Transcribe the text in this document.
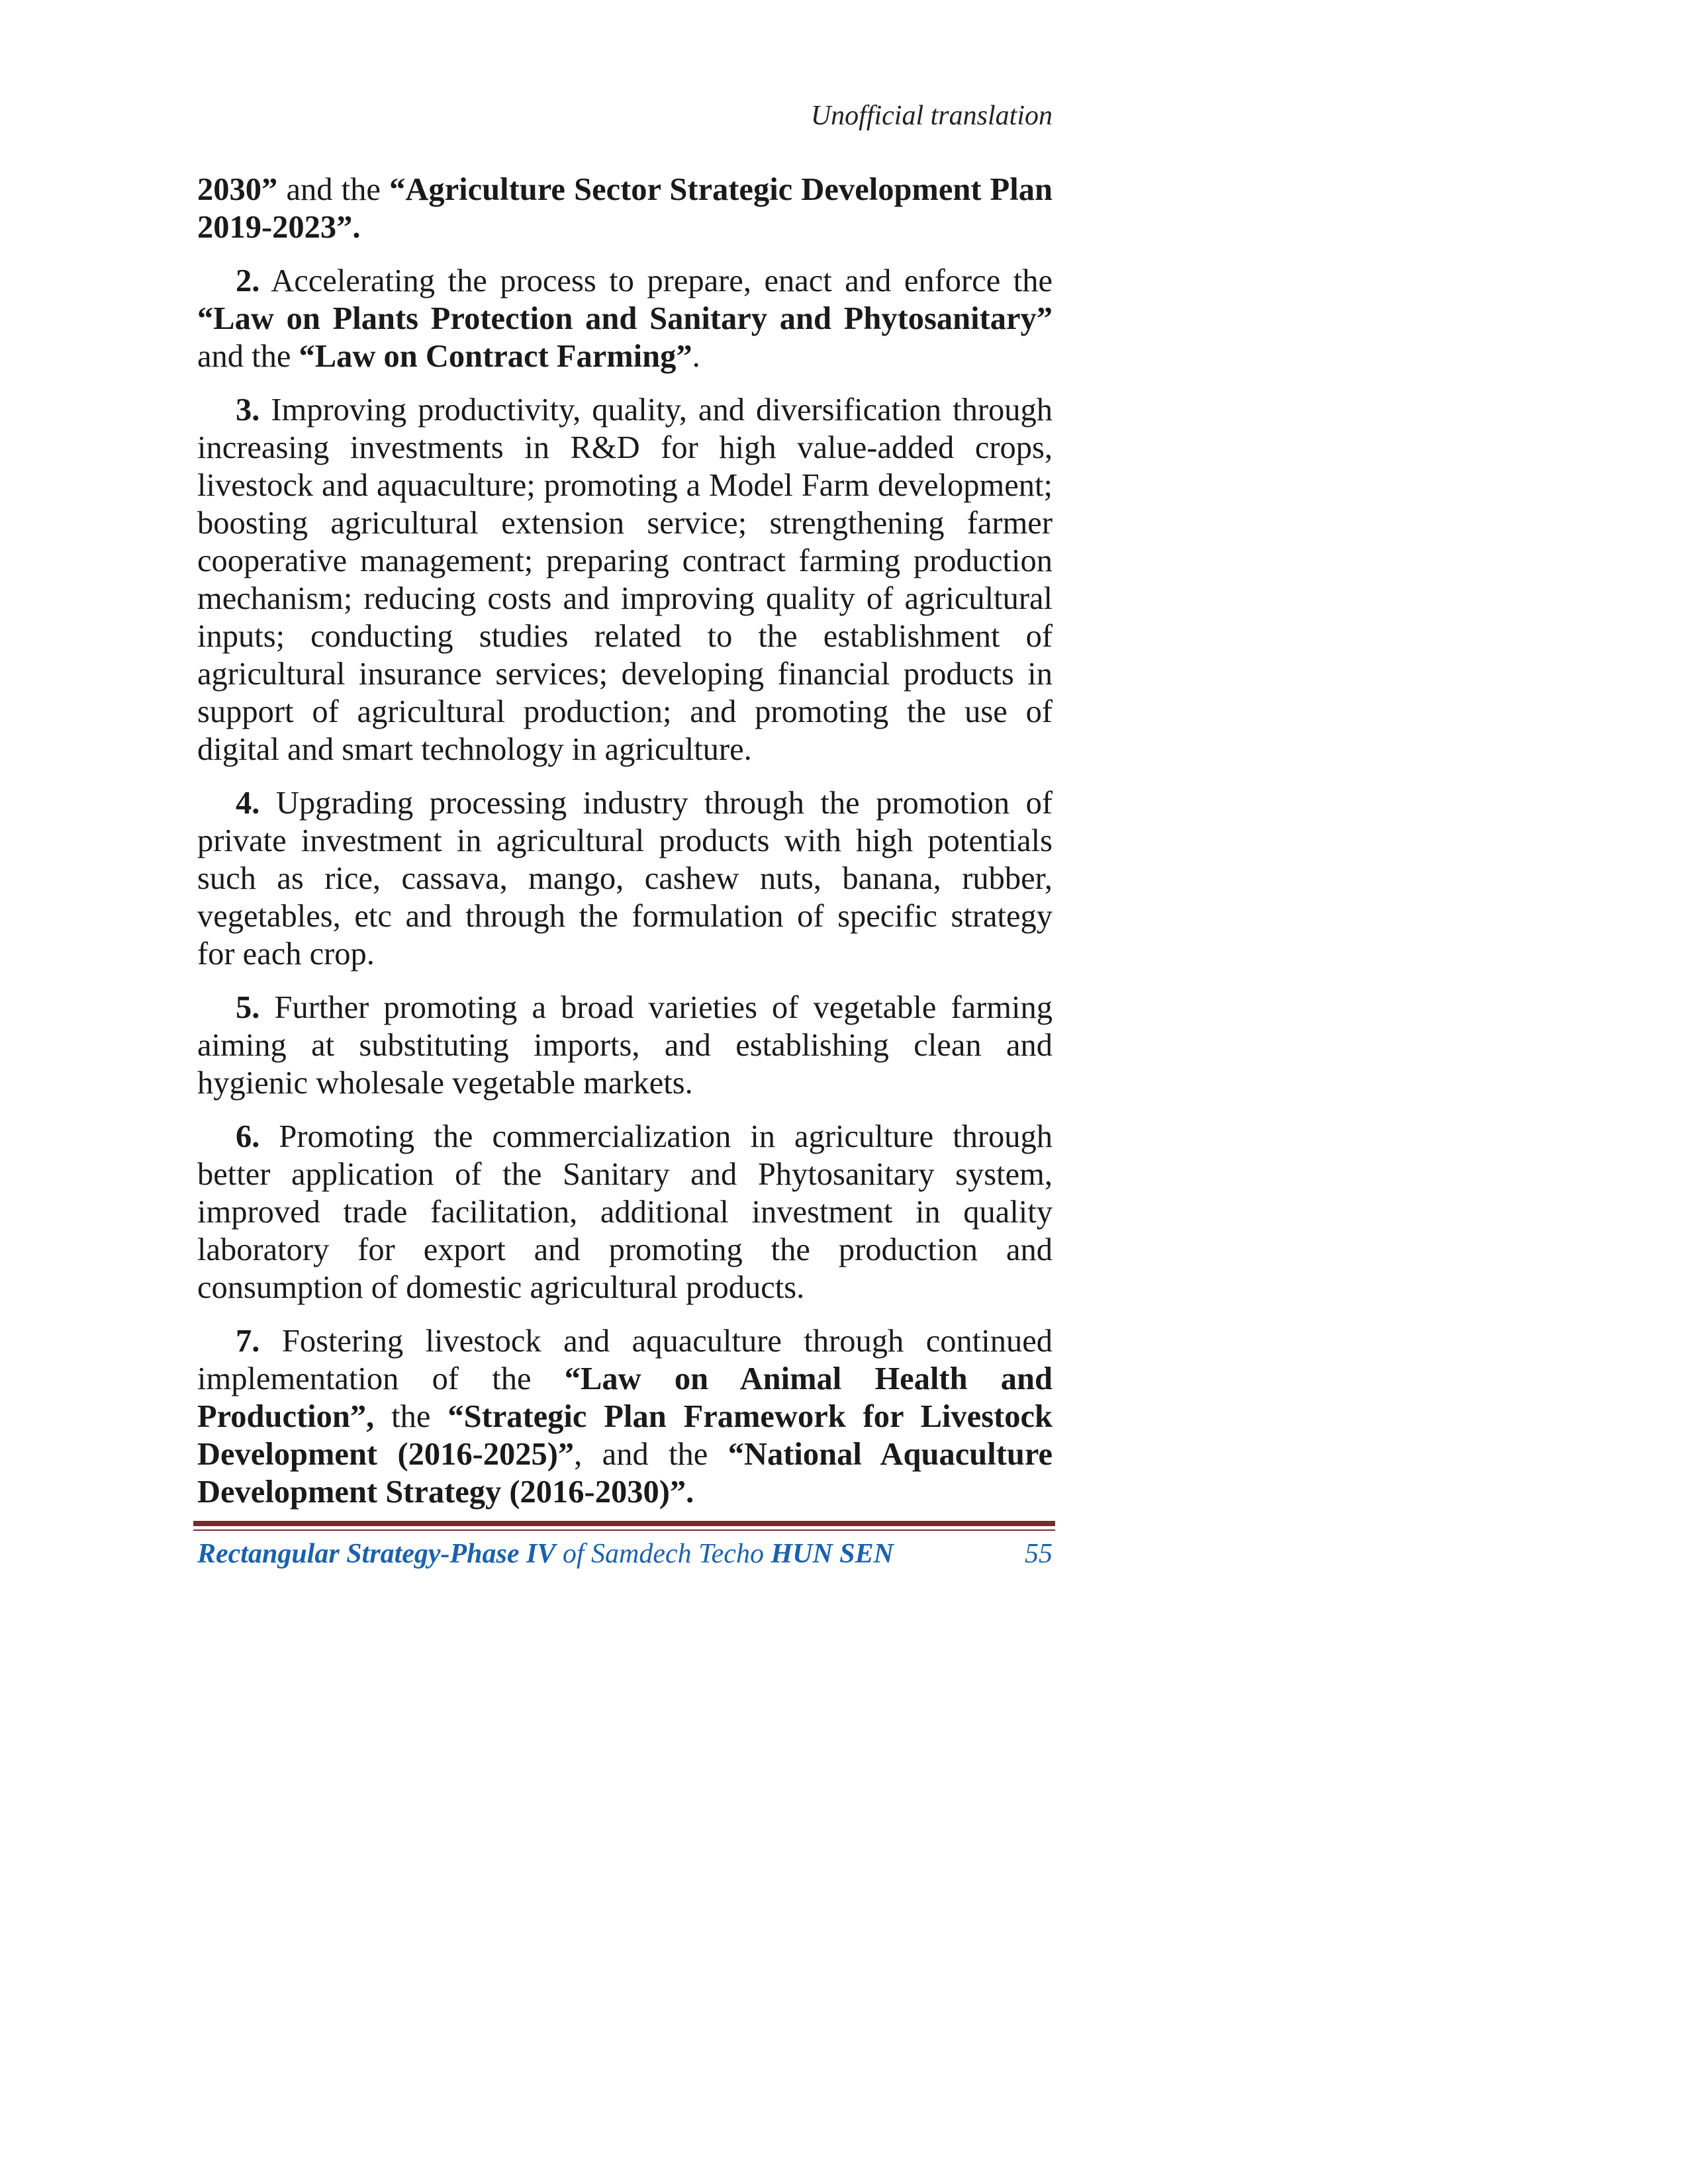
Unofficial translation

2030” and the “Agriculture Sector Strategic Development Plan 2019-2023”.

2. Accelerating the process to prepare, enact and enforce the “Law on Plants Protection and Sanitary and Phytosanitary” and the “Law on Contract Farming”.

3. Improving productivity, quality, and diversification through increasing investments in R&D for high value-added crops, livestock and aquaculture; promoting a Model Farm development; boosting agricultural extension service; strengthening farmer cooperative management; preparing contract farming production mechanism; reducing costs and improving quality of agricultural inputs; conducting studies related to the establishment of agricultural insurance services; developing financial products in support of agricultural production; and promoting the use of digital and smart technology in agriculture.

4. Upgrading processing industry through the promotion of private investment in agricultural products with high potentials such as rice, cassava, mango, cashew nuts, banana, rubber, vegetables, etc and through the formulation of specific strategy for each crop.

5. Further promoting a broad varieties of vegetable farming aiming at substituting imports, and establishing clean and hygienic wholesale vegetable markets.

6. Promoting the commercialization in agriculture through better application of the Sanitary and Phytosanitary system, improved trade facilitation, additional investment in quality laboratory for export and promoting the production and consumption of domestic agricultural products.

7. Fostering livestock and aquaculture through continued implementation of the “Law on Animal Health and Production”, the “Strategic Plan Framework for Livestock Development (2016-2025)”, and the “National Aquaculture Development Strategy (2016-2030)”.

Rectangular Strategy-Phase IV of Samdech Techo HUN SEN	55
